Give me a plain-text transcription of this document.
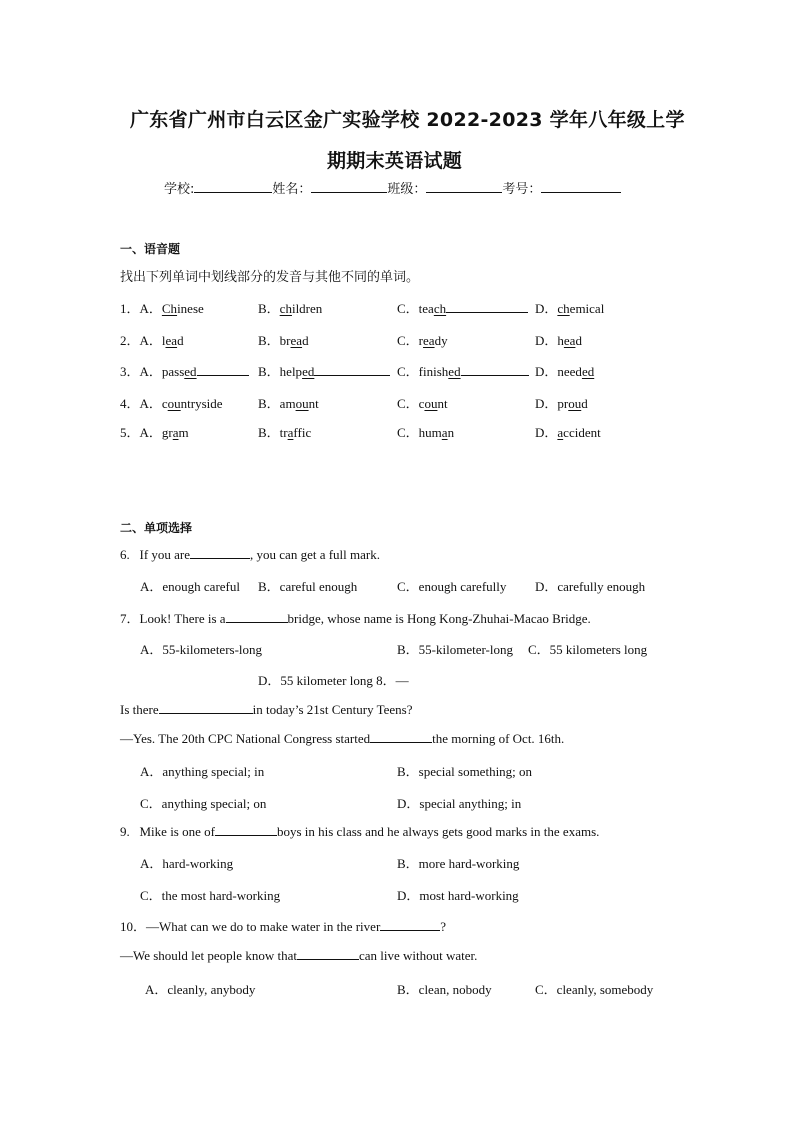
广东省广州市白云区金广实验学校 2022-2023 学年八年级上学
期期末英语试题
学校:	姓名：	班级：	考号：
一、语音题
找出下列单词中划线部分的发音与其他不同的单词。
1．A．Chinese	B．children	C．teach	D．chemical
2．A．lead	B．bread	C．ready	D．head
3．A．passed	B．helped	C．finished	D．needed
4．A．countryside	B．amount	C．count	D．proud
5．A．gram	B．traffic	C．human	D．accident
二、单项选择
6. If you are	, you can get a full mark.
A．enough careful B．careful enough	C．enough carefully D．carefully enough
7．Look! There is a	bridge, whose name is Hong Kong-Zhuhai-Macao Bridge.
A．55-kilometers-long	B．55-kilometer-long C．55 kilometers long
D．55 kilometer long 8．—
Is there	in today’s 21st Century Teens?
—Yes. The 20th CPC National Congress started	the morning of Oct. 16th.
A．anything special; in	B．special something; on
C．anything special; on	D．special anything; in
9. Mike is one of	boys in his class and he always gets good marks in the exams.
A．hard-working	B．more hard-working
C．the most hard-working	D．most hard-working
10．—What can we do to make water in the river	?
—We should let people know that	can live without water.
A．cleanly, anybody	B．clean, nobody	C．cleanly, somebody
